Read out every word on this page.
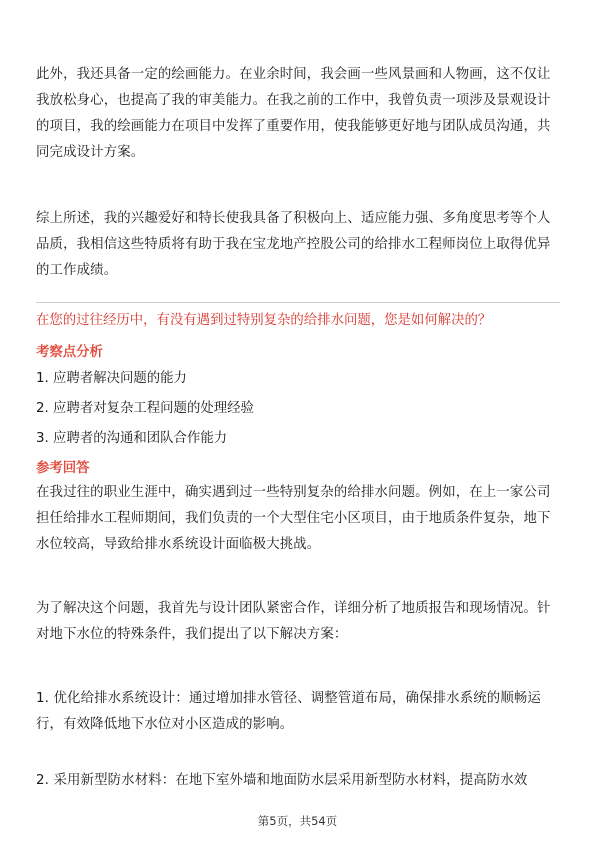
此外，我还具备一定的绘画能力。在业余时间，我会画一些风景画和人物画，这不仅让我放松身心，也提高了我的审美能力。在我之前的工作中，我曾负责一项涉及景观设计的项目，我的绘画能力在项目中发挥了重要作用，使我能够更好地与团队成员沟通，共同完成设计方案。

综上所述，我的兴趣爱好和特长使我具备了积极向上、适应能力强、多角度思考等个人品质，我相信这些特质将有助于我在宝龙地产控股公司的给排水工程师岗位上取得优异的工作成绩。

在您的过往经历中，有没有遇到过特别复杂的给排水问题，您是如何解决的？

考察点分析

1. 应聘者解决问题的能力

2. 应聘者对复杂工程问题的处理经验

3. 应聘者的沟通和团队合作能力

参考回答

在我过往的职业生涯中，确实遇到过一些特别复杂的给排水问题。例如，在上一家公司担任给排水工程师期间，我们负责的一个大型住宅小区项目，由于地质条件复杂，地下水位较高，导致给排水系统设计面临极大挑战。

为了解决这个问题，我首先与设计团队紧密合作，详细分析了地质报告和现场情况。针对地下水位的特殊条件，我们提出了以下解决方案：

1. 优化给排水系统设计：通过增加排水管径、调整管道布局，确保排水系统的顺畅运行，有效降低地下水位对小区造成的影响。

2. 采用新型防水材料：在地下室外墙和地面防水层采用新型防水材料，提高防水效

第5页，共54页
